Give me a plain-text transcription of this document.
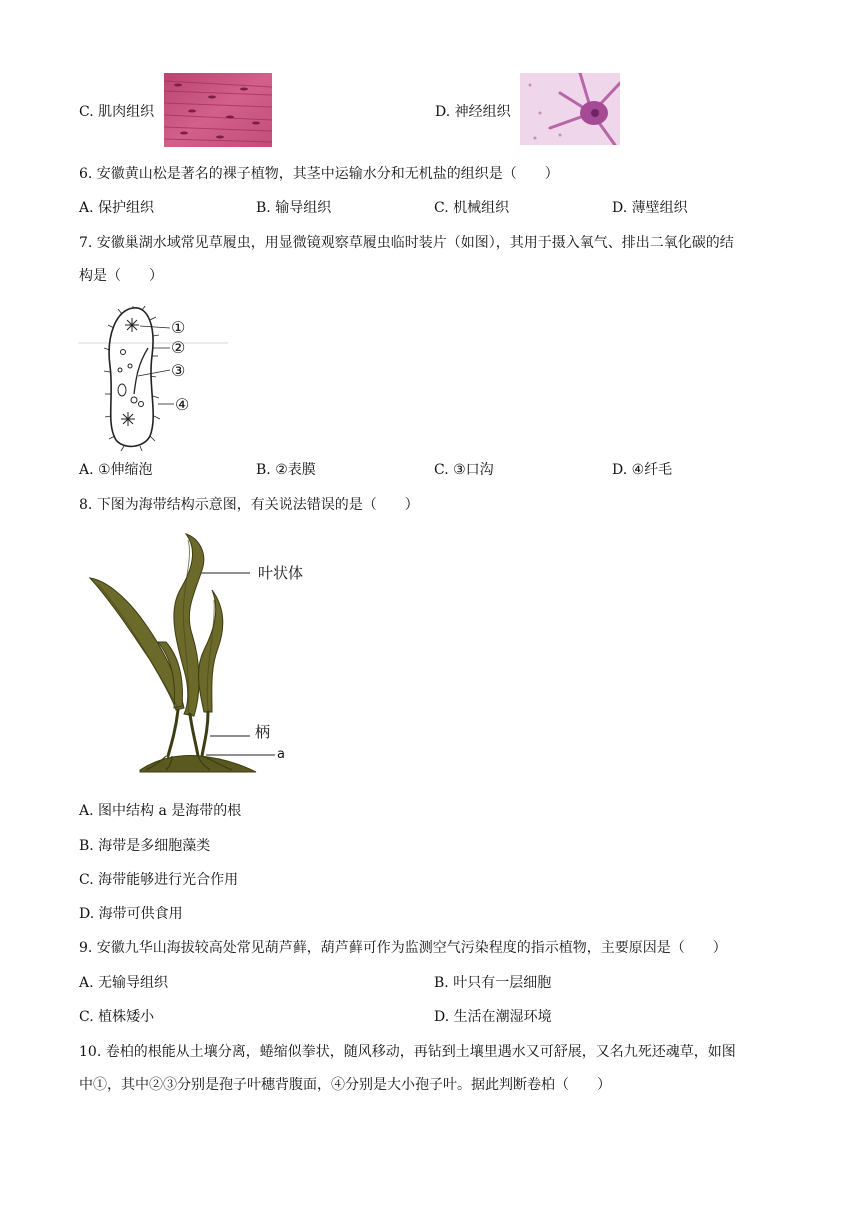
C. 肌肉组织	D. 神经组织
6. 安徽黄山松是著名的裸子植物，其茎中运输水分和无机盐的组织是（　　）
A. 保护组织	B. 输导组织	C. 机械组织	D. 薄壁组织
7. 安徽巢湖水域常见草履虫，用显微镜观察草履虫临时装片（如图），其用于摄入氧气、排出二氧化碳的结
构是（　　）
①
②
③
④
A. ①伸缩泡	B. ②表膜	C. ③口沟	D. ④纤毛
8. 下图为海带结构示意图，有关说法错误的是（　　）
叶状体
柄
a
A. 图中结构 a 是海带的根
B. 海带是多细胞藻类
C. 海带能够进行光合作用
D. 海带可供食用
9. 安徽九华山海拔较高处常见葫芦藓，葫芦藓可作为监测空气污染程度的指示植物，主要原因是（　　）
A. 无输导组织	B. 叶只有一层细胞
C. 植株矮小	D. 生活在潮湿环境
10. 卷柏的根能从土壤分离，蜷缩似拳状，随风移动，再钻到土壤里遇水又可舒展，又名九死还魂草，如图
中①，其中②③分别是孢子叶穗背腹面，④分别是大小孢子叶。据此判断卷柏（　　）
